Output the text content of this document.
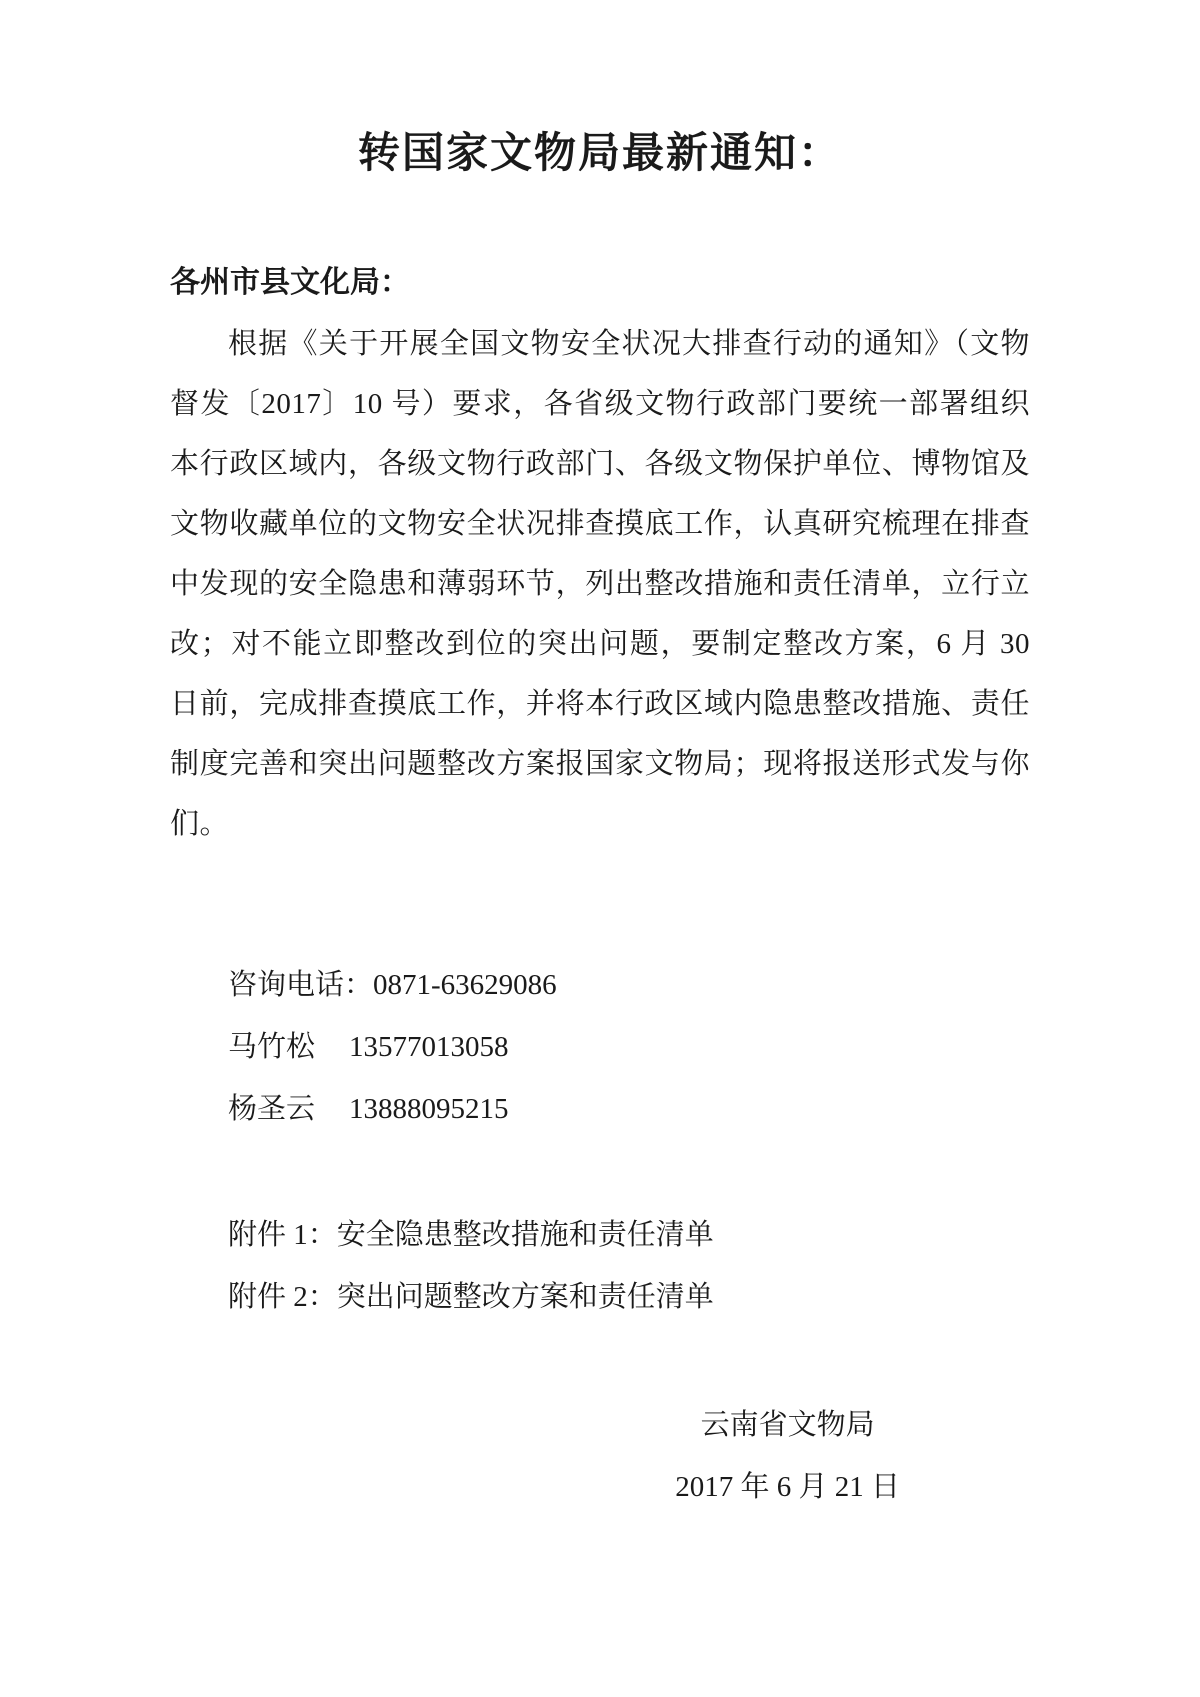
转国家文物局最新通知：
各州市县文化局：

根据《关于开展全国文物安全状况大排查行动的通知》（文物督发〔2017〕10 号）要求，各省级文物行政部门要统一部署组织本行政区域内，各级文物行政部门、各级文物保护单位、博物馆及文物收藏单位的文物安全状况排查摸底工作，认真研究梳理在排查中发现的安全隐患和薄弱环节，列出整改措施和责任清单，立行立改；对不能立即整改到位的突出问题，要制定整改方案，6 月 30 日前，完成排查摸底工作，并将本行政区域内隐患整改措施、责任制度完善和突出问题整改方案报国家文物局；现将报送形式发与你们。

咨询电话：0871-63629086
马竹松 13577013058
杨圣云 13888095215
附件 1：安全隐患整改措施和责任清单
附件 2：突出问题整改方案和责任清单
云南省文物局
2017 年 6 月 21 日
